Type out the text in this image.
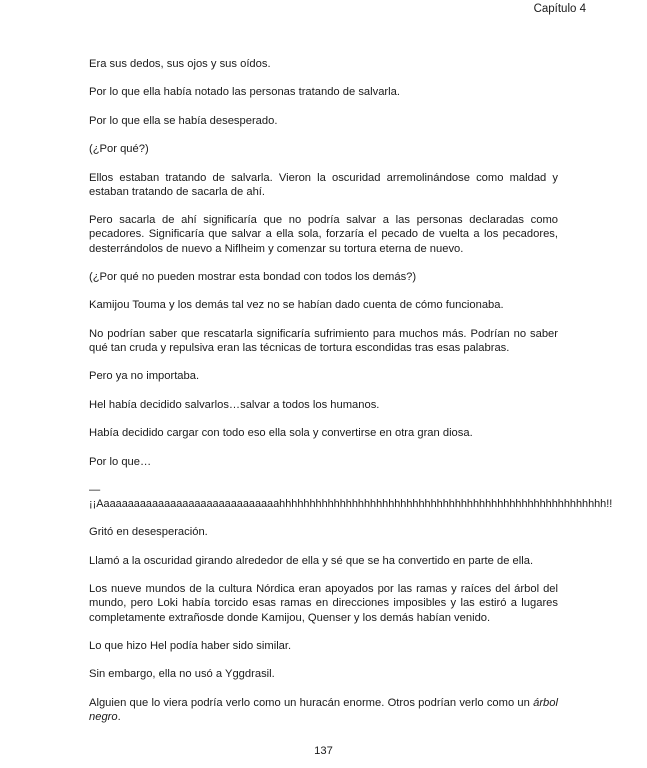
Capítulo 4

Era sus dedos, sus ojos y sus oídos.

Por lo que ella había notado las personas tratando de salvarla.

Por lo que ella se había desesperado.

(¿Por qué?)

Ellos estaban tratando de salvarla. Vieron la oscuridad arremolinándose como maldad y estaban tratando de sacarla de ahí.

Pero sacarla de ahí significaría que no podría salvar a las personas declaradas como pecadores. Significaría que salvar a ella sola, forzaría el pecado de vuelta a los pecadores, desterrándolos de nuevo a Niflheim y comenzar su tortura eterna de nuevo.

(¿Por qué no pueden mostrar esta bondad con todos los demás?)

Kamijou Touma y los demás tal vez no se habían dado cuenta de cómo funcionaba.

No podrían saber que rescatarla significaría sufrimiento para muchos más. Podrían no saber qué tan cruda y repulsiva eran las técnicas de tortura escondidas tras esas palabras.

Pero ya no importaba.

Hel había decidido salvarlos…salvar a todos los humanos.

Había decidido cargar con todo eso ella sola y convertirse en otra gran diosa.

Por lo que…

—

¡¡Aaaaaaaaaaaaaaaaaaaaaaaaaaaaaahhhhhhhhhhhhhhhhhhhhhhhhhhhhhhhhhhhhhhhhhhhhhhhhhhhhhh!!

Gritó en desesperación.

Llamó a la oscuridad girando alrededor de ella y sé que se ha convertido en parte de ella.

Los nueve mundos de la cultura Nórdica eran apoyados por las ramas y raíces del árbol del mundo, pero Loki había torcido esas ramas en direcciones imposibles y las estiró a lugares completamente extrañosde donde Kamijou, Quenser y los demás habían venido.

Lo que hizo Hel podía haber sido similar.

Sin embargo, ella no usó a Yggdrasil.

Alguien que lo viera podría verlo como un huracán enorme. Otros podrían verlo como un árbol negro.

137
